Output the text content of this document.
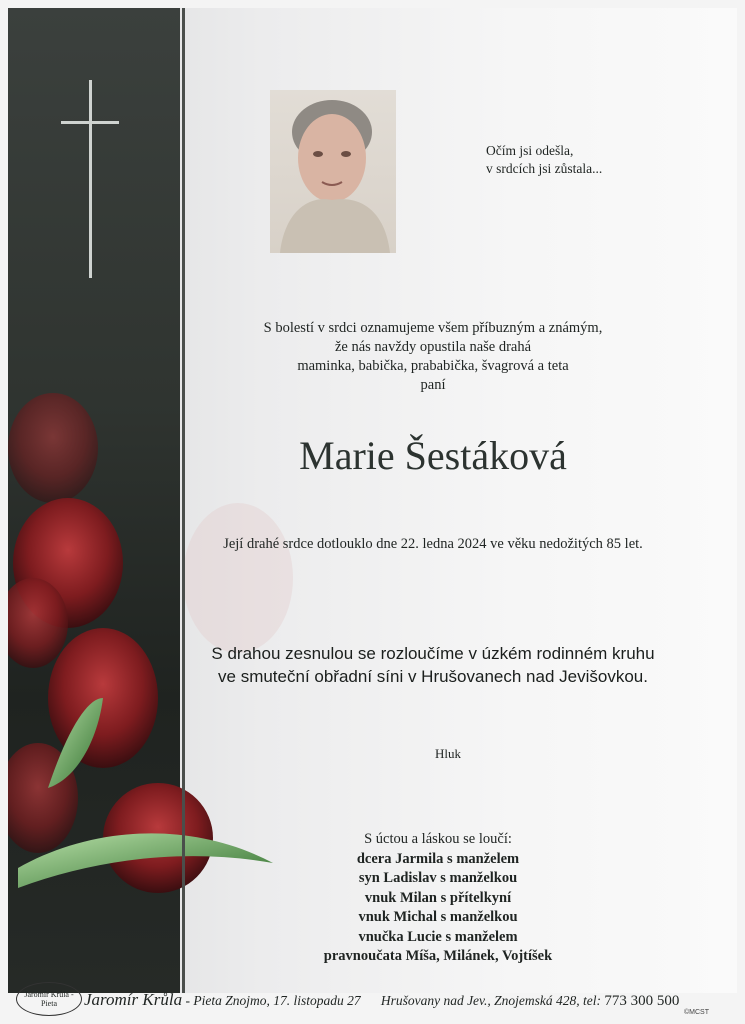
Očím jsi odešla,
v srdcích jsi zůstala...
S bolestí v srdci oznamujeme všem příbuzným a známým,
že nás navždy opustila naše drahá
maminka, babička, prababička, švagrová a teta
paní
Marie Šestáková
Její drahé srdce dotlouklo dne 22. ledna 2024 ve věku nedožitých 85 let.
S drahou zesnulou se rozloučíme v úzkém rodinném kruhu
ve smuteční obřadní síni v Hrušovanech nad Jevišovkou.
Hluk
S úctou a láskou se loučí:
dcera Jarmila s manželem
syn Ladislav s manželkou
vnuk Milan s přítelkyní
vnuk Michal s manželkou
vnučka Lucie s manželem
pravnoučata Míša, Milánek, Vojtíšek
Jaromír Krůla - Pieta	Jaromír Krůla - Pieta Znojmo, 17. listopadu 27 Hrušovany nad Jev., Znojemská 428, tel: 773 300 500
©MCST
